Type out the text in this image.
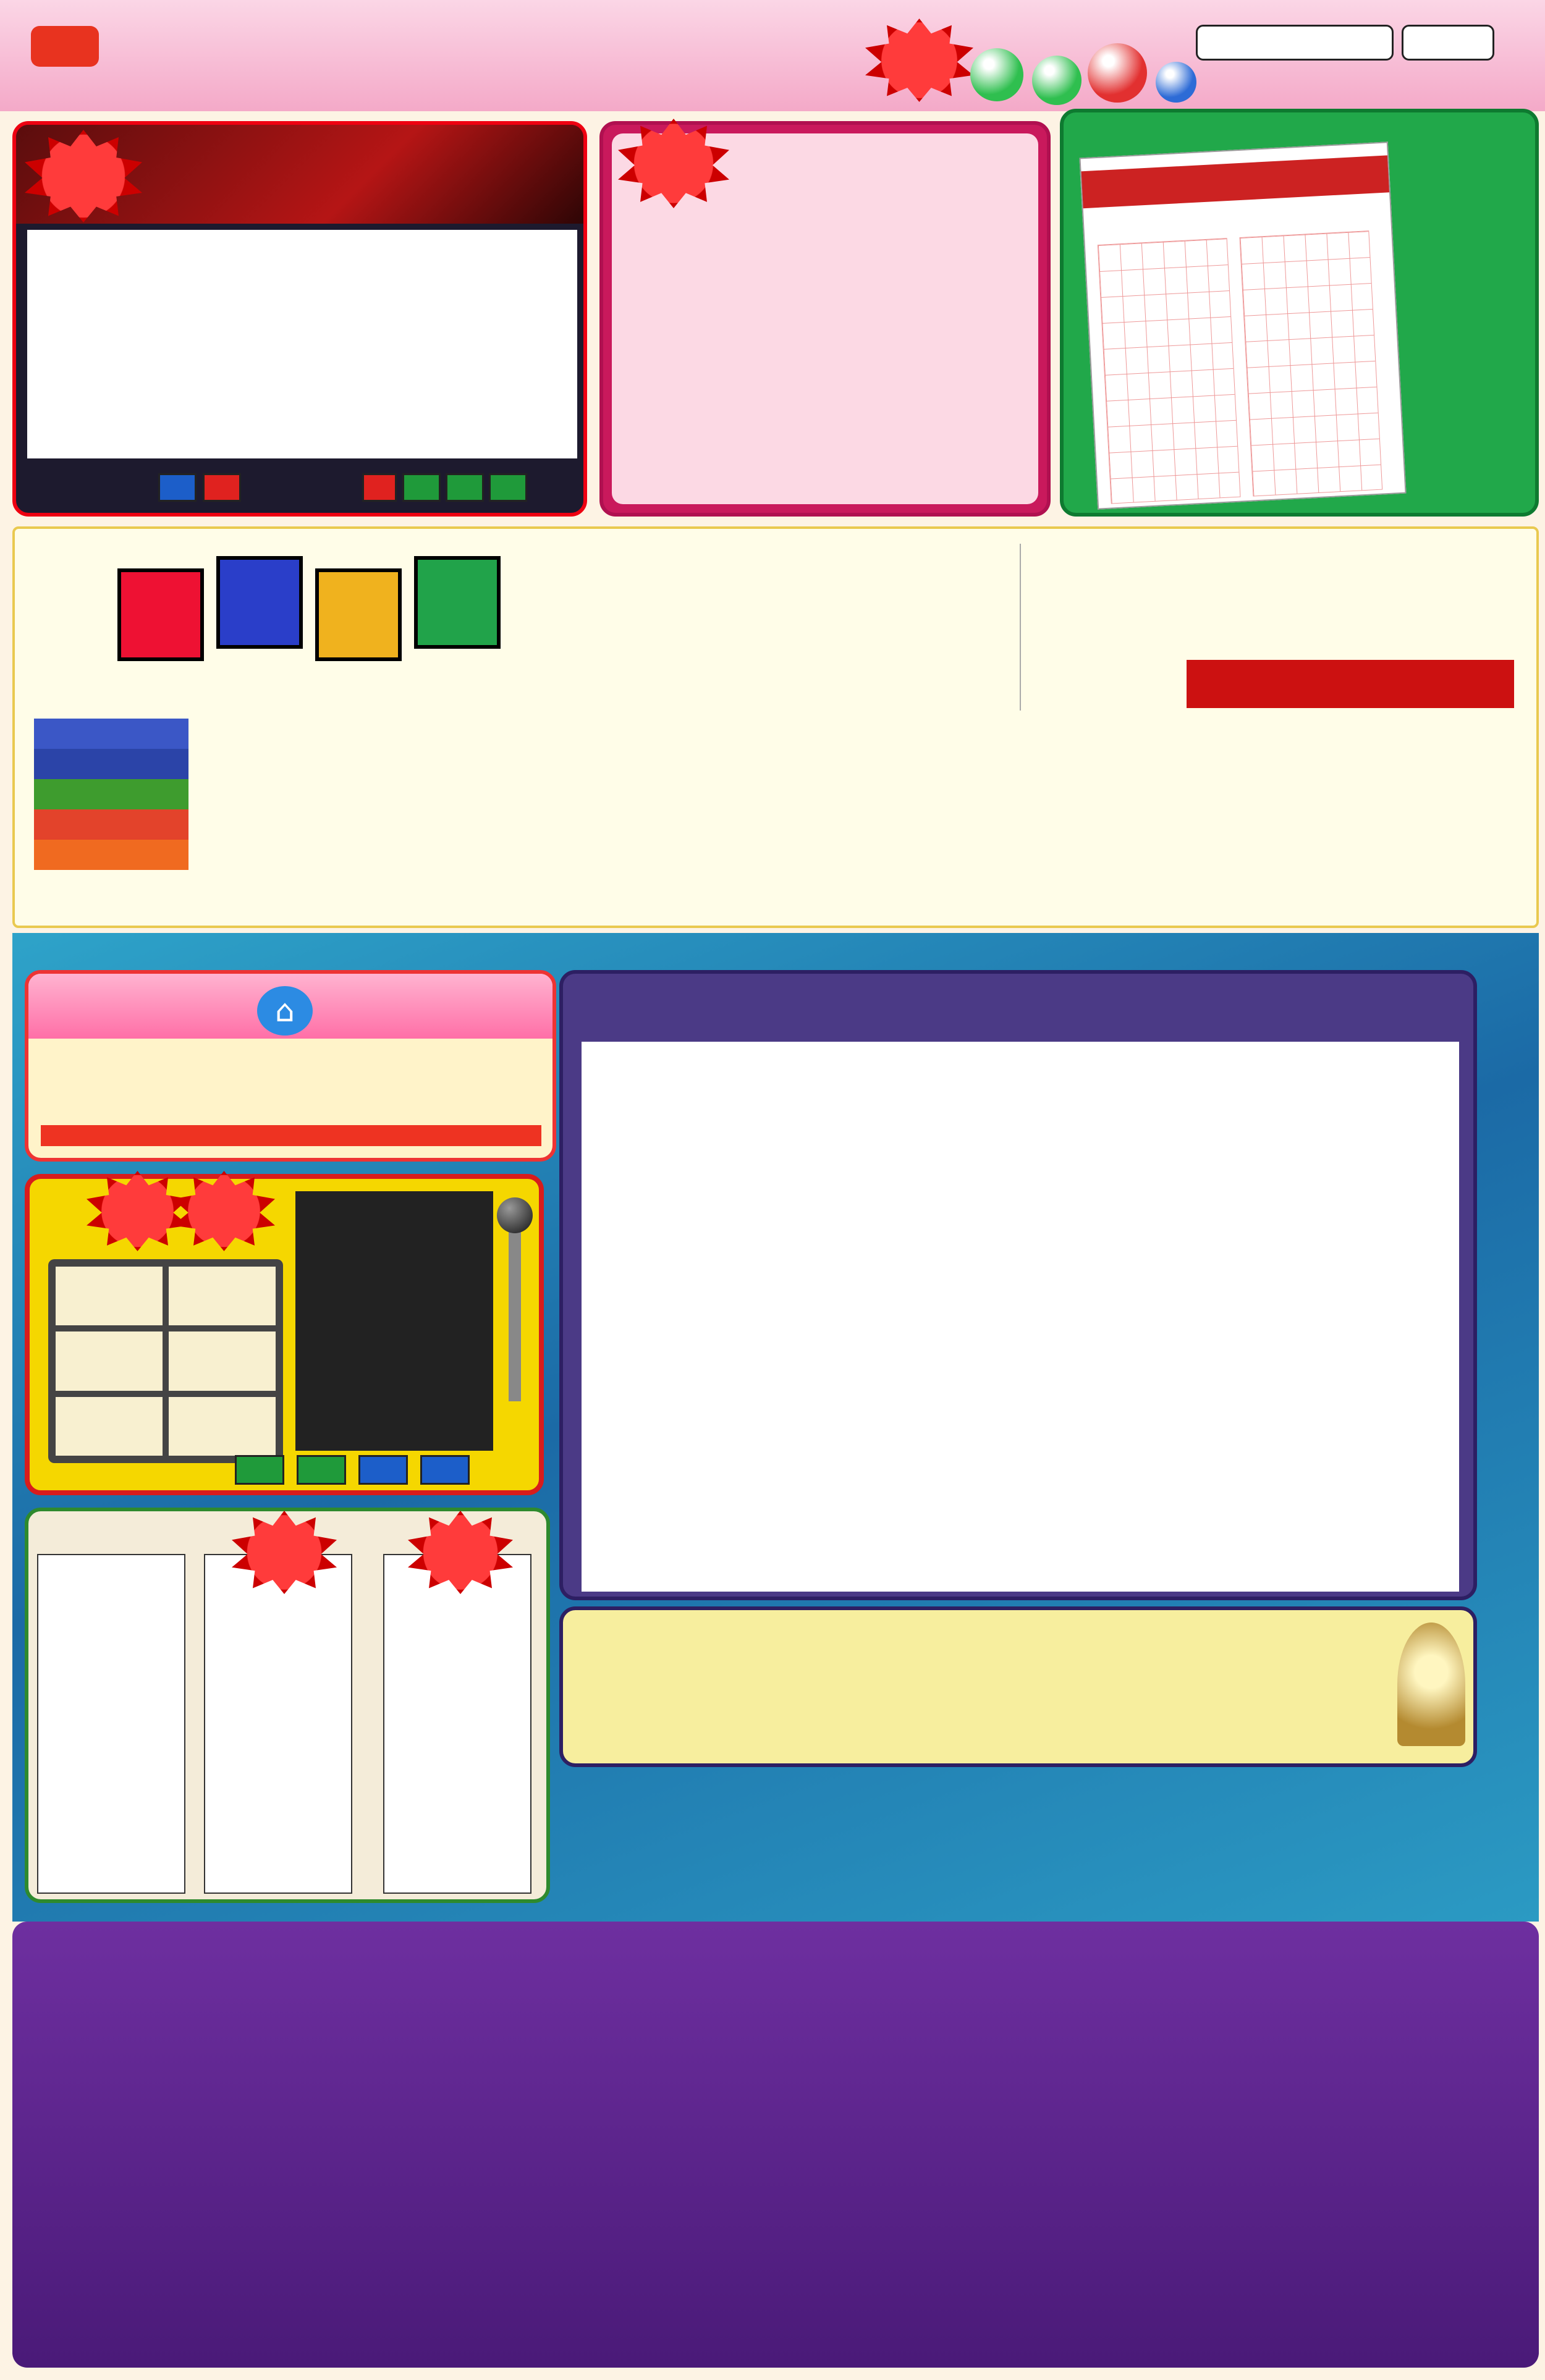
⌂
